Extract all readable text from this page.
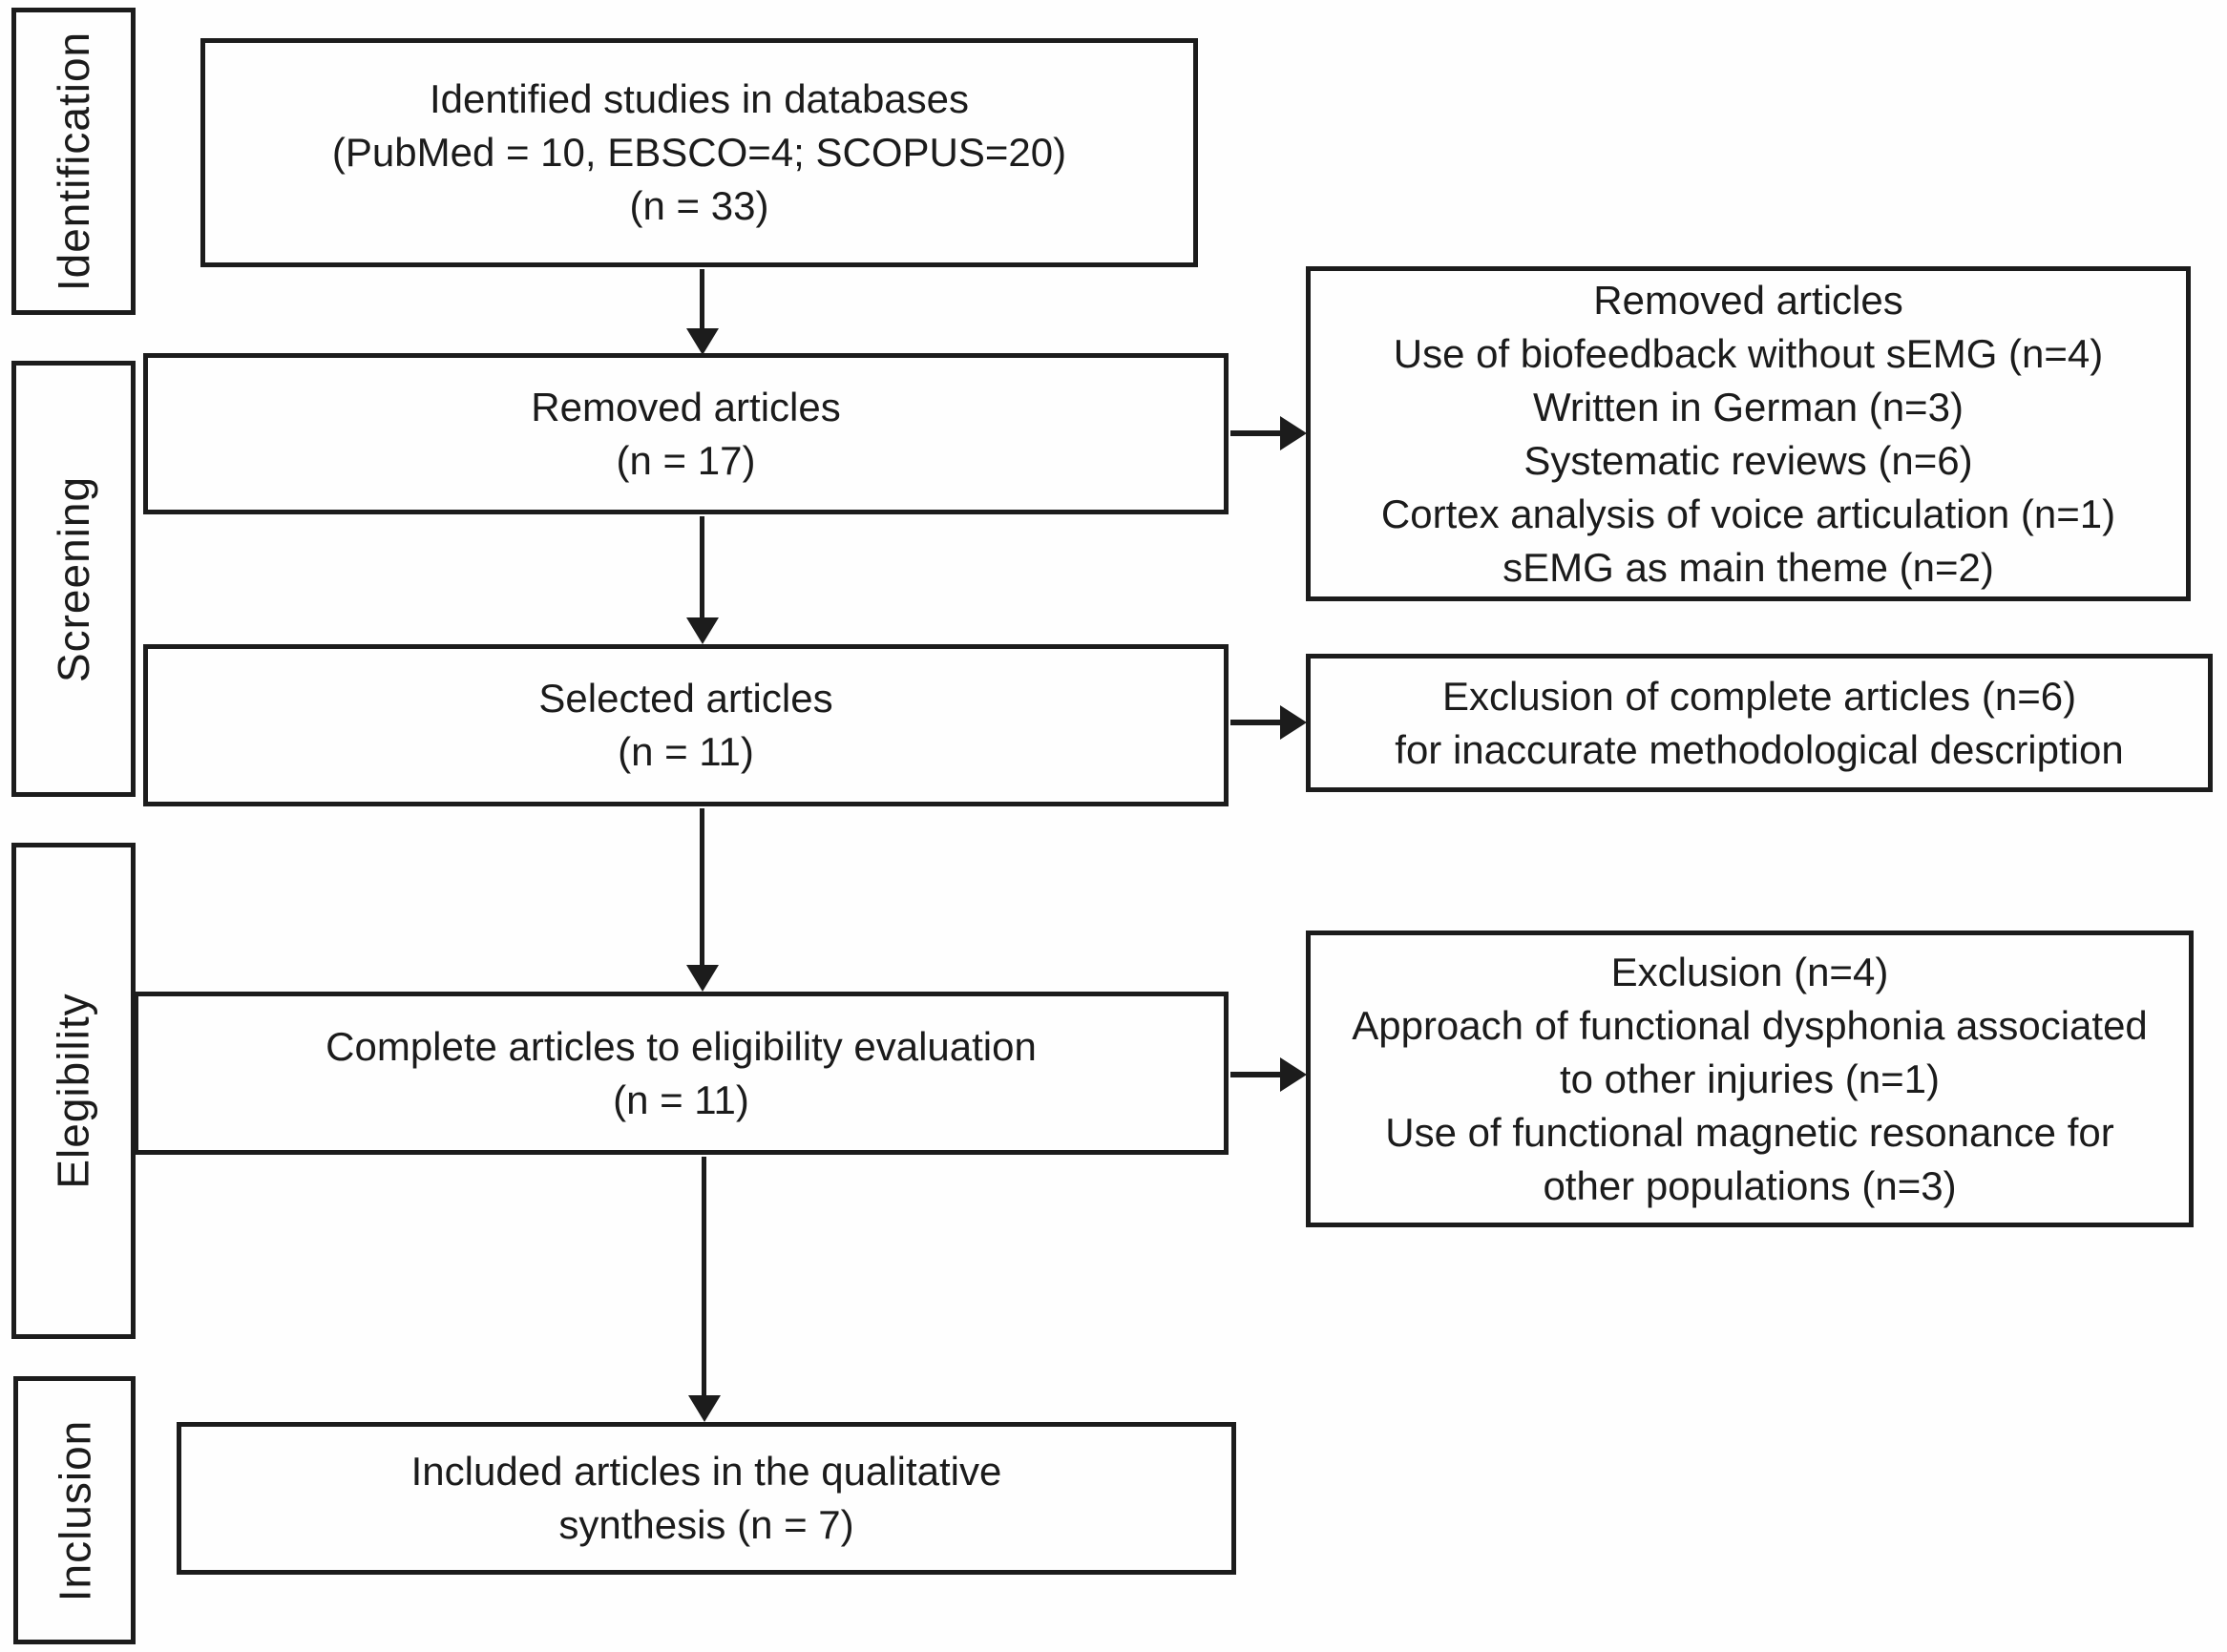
Identification
Screening
Elegibility
Inclusion
Identified studies in databases
(PubMed = 10, EBSCO=4; SCOPUS=20)
(n = 33)
Removed articles
(n = 17)
Selected articles
(n = 11)
Complete articles to eligibility evaluation
(n = 11)
Included articles in the qualitative
synthesis (n = 7)
Removed articles
Use of biofeedback without sEMG (n=4)
Written in German (n=3)
Systematic reviews (n=6)
Cortex analysis of voice articulation (n=1)
sEMG as main theme (n=2)
Exclusion of complete articles (n=6)
for inaccurate methodological description
Exclusion (n=4)
Approach of functional dysphonia associated
to other injuries (n=1)
Use of functional magnetic resonance for
other populations (n=3)
